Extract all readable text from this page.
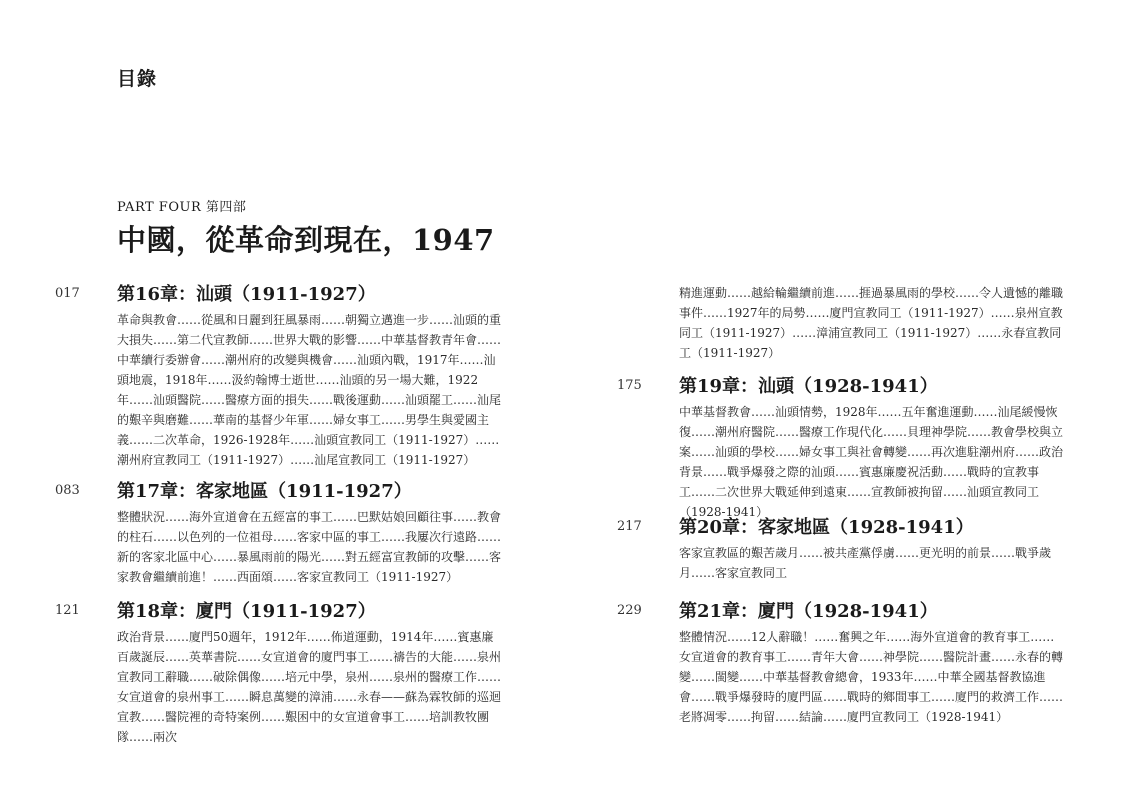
目錄
PART FOUR 第四部
中國，從革命到現在，1947
017 第16章：汕頭（1911-1927）
革命與教會……從風和日麗到狂風暴雨……朝獨立邁進一步……汕頭的重大損失……第二代宣教師……世界大戰的影響……中華基督教青年會……中華續行委辦會……潮州府的改變與機會……汕頭內戰，1917年……汕頭地震，1918年……汲約翰博士逝世……汕頭的另一場大難，1922年……汕頭醫院……醫療方面的損失……戰後運動……汕頭罷工……汕尾的艱辛與磨難……華南的基督少年軍……婦女事工……男學生與愛國主義……二次革命，1926-1928年……汕頭宣教同工（1911-1927）……潮州府宣教同工（1911-1927）……汕尾宣教同工（1911-1927）
083 第17章：客家地區（1911-1927）
整體狀況……海外宣道會在五經富的事工……巴默姑娘回顧往事……教會的柱石……以色列的一位祖母……客家中區的事工……我屢次行遠路……新的客家北區中心……暴風雨前的陽光……對五經富宣教師的攻擊……客家教會繼續前進！……西面頌……客家宣教同工（1911-1927）
121 第18章：廈門（1911-1927）
政治背景……廈門50週年，1912年……佈道運動，1914年……賓惠廉百歲誕辰……英華書院……女宣道會的廈門事工……禱告的大能……泉州宣教同工辭職……破除偶像……培元中學，泉州……泉州的醫療工作……女宣道會的泉州事工……瞬息萬變的漳浦……永春——蘇為霖牧師的巡迴宣教……醫院裡的奇特案例……艱困中的女宣道會事工……培訓教牧團隊……兩次
精進運動……越給輪繼續前進……捱過暴風雨的學校……令人遺憾的離職事件……1927年的局勢……廈門宣教同工（1911-1927）……泉州宣教同工（1911-1927）……漳浦宣教同工（1911-1927）……永春宣教同工（1911-1927）
175 第19章：汕頭（1928-1941）
中華基督教會……汕頭情勢，1928年……五年奮進運動……汕尾緩慢恢復……潮州府醫院……醫療工作現代化……貝理神學院……教會學校與立案……汕頭的學校……婦女事工與社會轉變……再次進駐潮州府……政治背景……戰爭爆發之際的汕頭……賓惠廉慶祝活動……戰時的宣教事工……二次世界大戰延伸到遠東……宣教師被拘留……汕頭宣教同工（1928-1941）
217 第20章：客家地區（1928-1941）
客家宣教區的艱苦歲月……被共產黨俘虜……更光明的前景……戰爭歲月……客家宣教同工
229 第21章：廈門（1928-1941）
整體情況……12人辭職！……奮興之年……海外宣道會的教育事工……女宣道會的教育事工……青年大會……神學院……醫院計畫……永春的轉變……閩變……中華基督教會總會，1933年……中華全國基督教協進會……戰爭爆發時的廈門區……戰時的鄉間事工……廈門的救濟工作……老將凋零……拘留……結論……廈門宣教同工（1928-1941）
